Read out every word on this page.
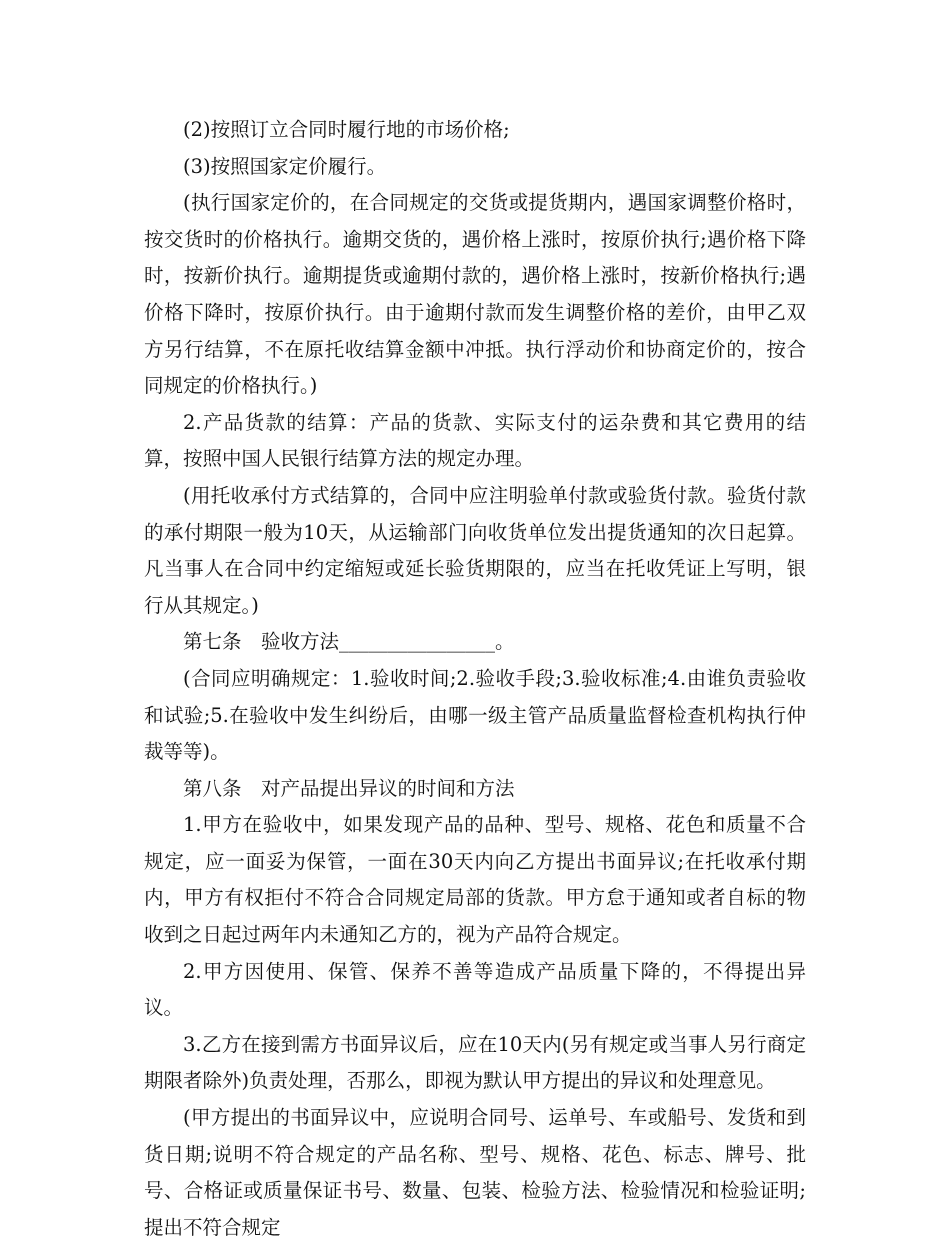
(2)按照订立合同时履行地的市场价格;

(3)按照国家定价履行。

(执行国家定价的，在合同规定的交货或提货期内，遇国家调整价格时，按交货时的价格执行。逾期交货的，遇价格上涨时，按原价执行;遇价格下降时，按新价执行。逾期提货或逾期付款的，遇价格上涨时，按新价格执行;遇价格下降时，按原价执行。由于逾期付款而发生调整价格的差价，由甲乙双方另行结算，不在原托收结算金额中冲抵。执行浮动价和协商定价的，按合同规定的价格执行。)

2.产品货款的结算：产品的货款、实际支付的运杂费和其它费用的结算，按照中国人民银行结算方法的规定办理。

(用托收承付方式结算的，合同中应注明验单付款或验货付款。验货付款的承付期限一般为10天，从运输部门向收货单位发出提货通知的次日起算。凡当事人在合同中约定缩短或延长验货期限的，应当在托收凭证上写明，银行从其规定。)

第七条　验收方法________________。

(合同应明确规定：1.验收时间;2.验收手段;3.验收标准;4.由谁负责验收和试验;5.在验收中发生纠纷后，由哪一级主管产品质量监督检查机构执行仲裁等等)。

第八条　对产品提出异议的时间和方法

1.甲方在验收中，如果发现产品的品种、型号、规格、花色和质量不合规定，应一面妥为保管，一面在30天内向乙方提出书面异议;在托收承付期内，甲方有权拒付不符合合同规定局部的货款。甲方怠于通知或者自标的物收到之日起过两年内未通知乙方的，视为产品符合规定。

2.甲方因使用、保管、保养不善等造成产品质量下降的，不得提出异议。

3.乙方在接到需方书面异议后，应在10天内(另有规定或当事人另行商定期限者除外)负责处理，否那么，即视为默认甲方提出的异议和处理意见。

(甲方提出的书面异议中，应说明合同号、运单号、车或船号、发货和到货日期;说明不符合规定的产品名称、型号、规格、花色、标志、牌号、批号、合格证或质量保证书号、数量、包装、检验方法、检验情况和检验证明;提出不符合规定
